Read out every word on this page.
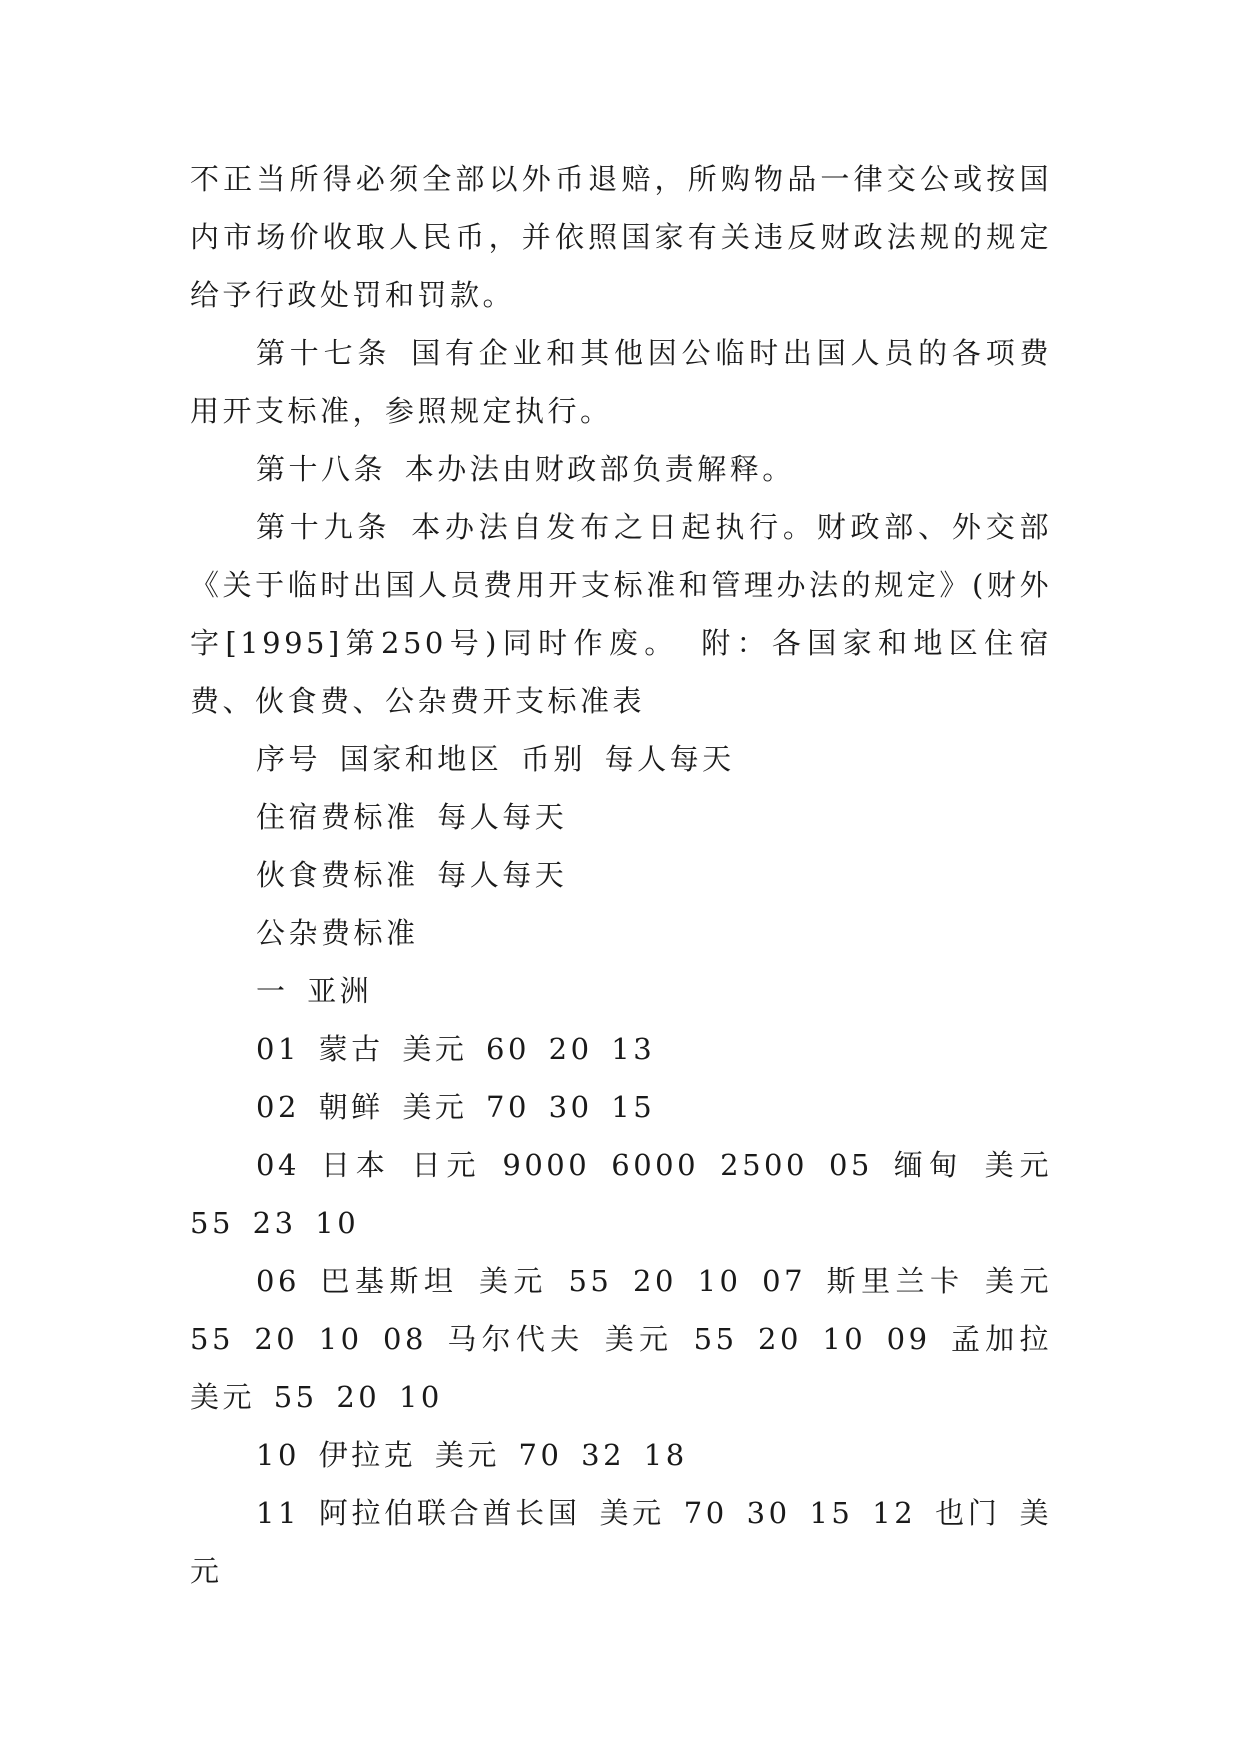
不正当所得必须全部以外币退赔，所购物品一律交公或按国内市场价收取人民币，并依照国家有关违反财政法规的规定给予行政处罚和罚款。

第十七条 国有企业和其他因公临时出国人员的各项费用开支标准，参照规定执行。

第十八条 本办法由财政部负责解释。

第十九条 本办法自发布之日起执行。财政部、外交部《关于临时出国人员费用开支标准和管理办法的规定》(财外字[1995]第250号)同时作废。 附：各国家和地区住宿费、伙食费、公杂费开支标准表

序号 国家和地区 币别 每人每天

住宿费标准 每人每天

伙食费标准 每人每天

公杂费标准

一 亚洲

01 蒙古 美元 60 20 13

02 朝鲜 美元 70 30 15

04 日本 日元 9000 6000 2500 05 缅甸 美元 55 23 10

06 巴基斯坦 美元 55 20 10 07 斯里兰卡 美元 55 20 10 08 马尔代夫 美元 55 20 10 09 孟加拉 美元 55 20 10

10 伊拉克 美元 70 32 18

11 阿拉伯联合酋长国 美元 70 30 15 12 也门 美元
